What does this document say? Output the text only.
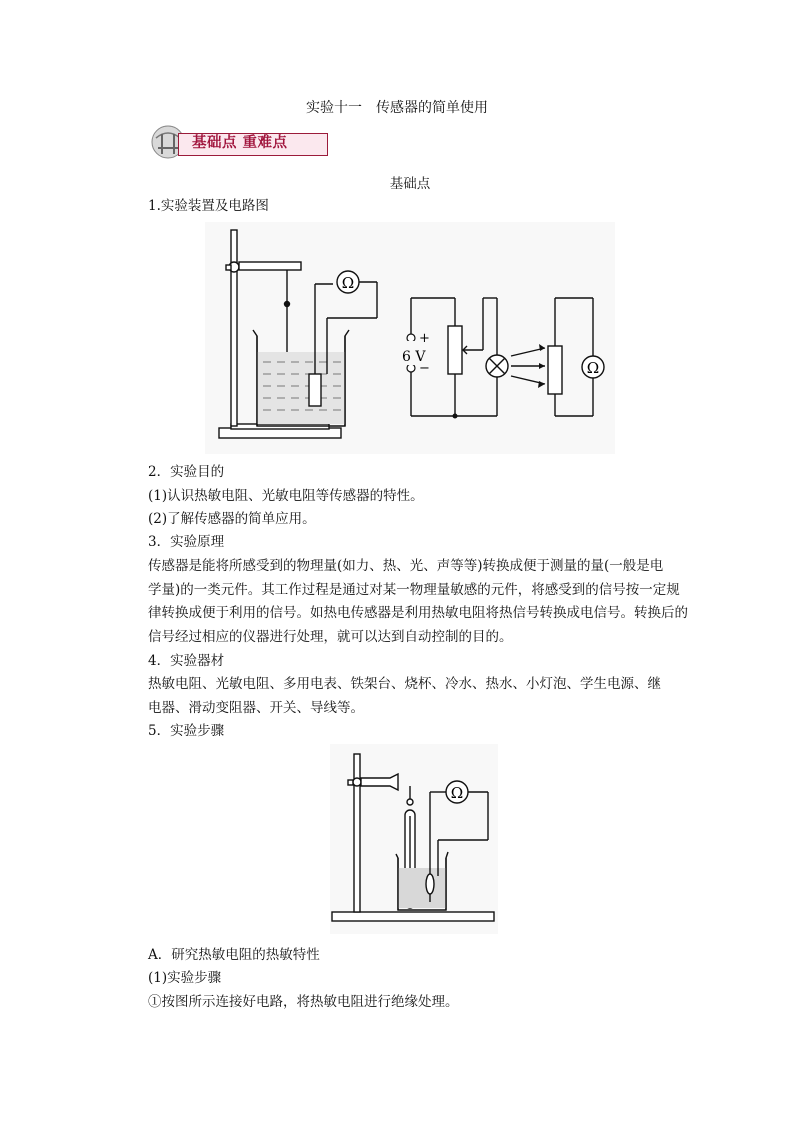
实验十一　传感器的简单使用
基础点 重难点
基础点
1.实验装置及电路图
Ω
Ω
6 V
+
−
2．实验目的
(1)认识热敏电阻、光敏电阻等传感器的特性。
(2)了解传感器的简单应用。
3．实验原理
传感器是能将所感受到的物理量(如力、热、光、声等等)转换成便于测量的量(一般是电
学量)的一类元件。其工作过程是通过对某一物理量敏感的元件，将感受到的信号按一定规
律转换成便于利用的信号。如热电传感器是利用热敏电阻将热信号转换成电信号。转换后的
信号经过相应的仪器进行处理，就可以达到自动控制的目的。
4．实验器材
热敏电阻、光敏电阻、多用电表、铁架台、烧杯、冷水、热水、小灯泡、学生电源、继
电器、滑动变阻器、开关、导线等。
5．实验步骤
Ω
A．研究热敏电阻的热敏特性
(1)实验步骤
①按图所示连接好电路，将热敏电阻进行绝缘处理。
